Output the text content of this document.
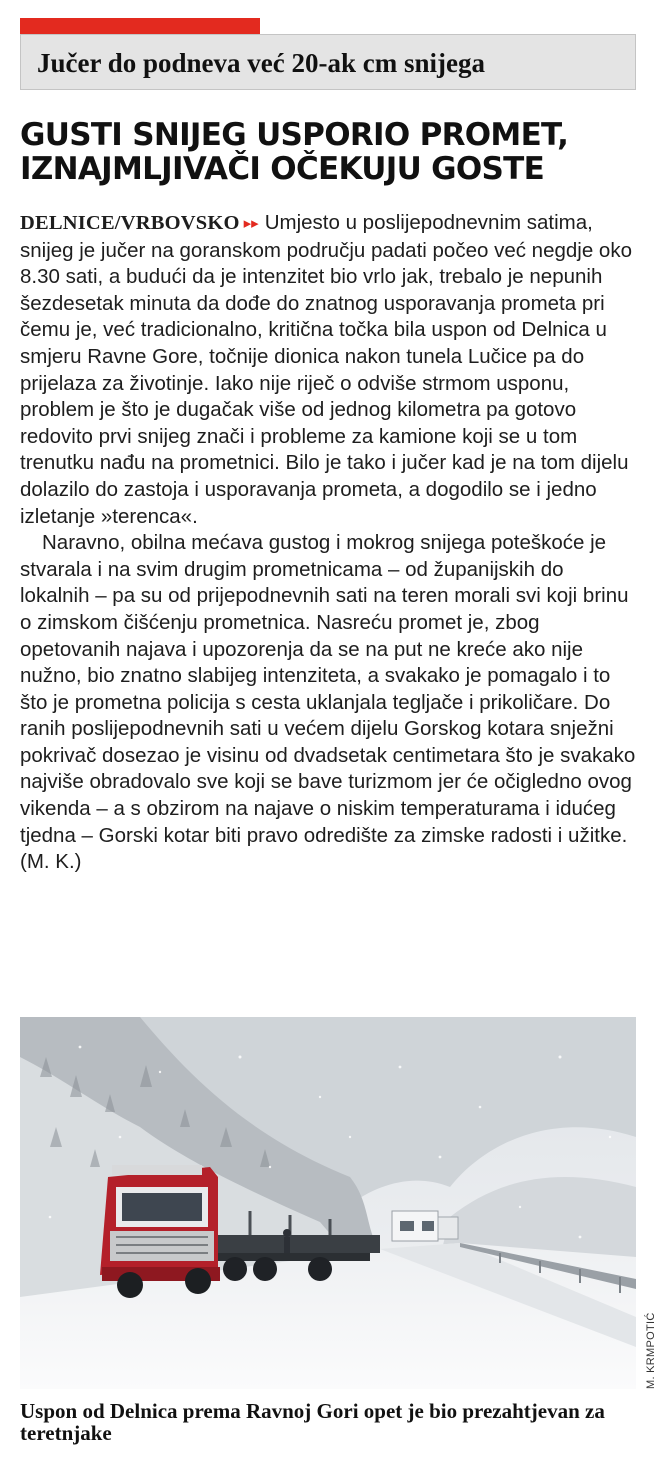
Jučer do podneva već 20-ak cm snijega
GUSTI SNIJEG USPORIO PROMET,
IZNAJMLJIVAČI OČEKUJU GOSTE

DELNICE/VRBOVSKO ▸▸ Umjesto u poslijepodnevnim satima, snijeg je jučer na goranskom području padati počeo već negdje oko 8.30 sati, a budući da je intenzitet bio vrlo jak, trebalo je nepunih šezdesetak minuta da dođe do znatnog usporavanja prometa pri čemu je, već tradicionalno, kritična točka bila uspon od Delnica u smjeru Ravne Gore, točnije dionica nakon tunela Lučice pa do prijelaza za životinje. Iako nije riječ o odviše strmom usponu, problem je što je dugačak više od jednog kilometra pa gotovo redovito prvi snijeg znači i probleme za kamione koji se u tom trenutku nađu na prometnici. Bilo je tako i jučer kad je na tom dijelu dolazilo do zastoja i usporavanja prometa, a dogodilo se i jedno izletanje »terenca«.

Naravno, obilna mećava gustog i mokrog snijega poteškoće je stvarala i na svim drugim prometnicama – od županijskih do lokalnih – pa su od prijepodnevnih sati na teren morali svi koji brinu o zimskom čišćenju prometnica. Nasreću promet je, zbog opetovanih najava i upozorenja da se na put ne kreće ako nije nužno, bio znatno slabijeg intenziteta, a svakako je pomagalo i to što je prometna policija s cesta uklanjala tegljače i prikoličare. Do ranih poslijepodnevnih sati u većem dijelu Gorskog kotara snježni pokrivač dosezao je visinu od dvadsetak centimetara što je svakako najviše obradovalo sve koji se bave turizmom jer će očigledno ovog vikenda – a s obzirom na najave o niskim temperaturama i idućeg tjedna – Gorski kotar biti pravo odredište za zimske radosti i užitke. (M. K.)

M. KRMPOTIĆ
Uspon od Delnica prema Ravnoj Gori opet je bio prezahtjevan za teretnjake
